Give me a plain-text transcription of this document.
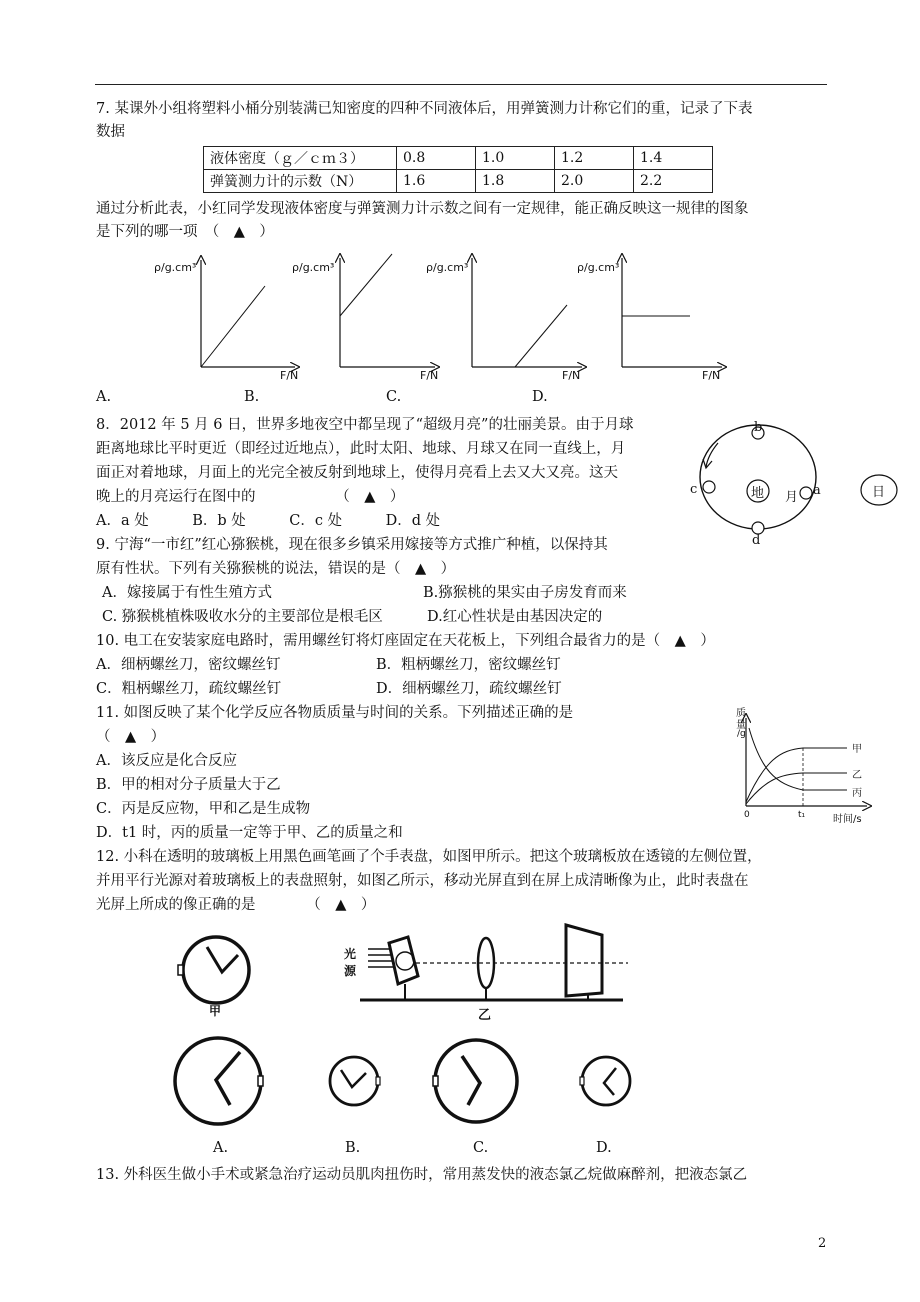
7. 某课外小组将塑料小桶分别装满已知密度的四种不同液体后，用弹簧测力计称它们的重，记录了下表
数据
液体密度（ｇ／ｃｍ３）	0.8	1.0	1.2	1.4
弹簧测力计的示数（N）	1.6	1.8	2.0	2.2
通过分析此表，小红同学发现液体密度与弹簧测力计示数之间有一定规律，能正确反映这一规律的图象
是下列的哪一项　（　▲　）
ρ/g.cm³	ρ/g.cm³	ρ/g.cm³	ρ/g.cm³
F/N	F/N	F/N	F/N
A.	B.	C.	D.
8．2012 年 5 月 6 日，世界多地夜空中都呈现了“超级月亮”的壮丽美景。由于月球
距离地球比平时更近（即经过近地点），此时太阳、地球、月球又在同一直线上，月
面正对着地球，月面上的光完全被反射到地球上，使得月亮看上去又大又亮。这天
晚上的月亮运行在图中的　　　　　　（　▲　）
A．a 处　　　B．b 处　　　C．c 处　　　D．d 处
b
c
d
a
地 月	日
9. 宁海“一市红”红心猕猴桃，现在很多乡镇采用嫁接等方式推广种植，以保持其
原有性状。下列有关猕猴桃的说法，错误的是（　▲　）
A．嫁接属于有性生殖方式	B.猕猴桃的果实由子房发育而来
C. 猕猴桃植株吸收水分的主要部位是根毛区	D.红心性状是由基因决定的
10. 电工在安装家庭电路时，需用螺丝钉将灯座固定在天花板上，下列组合最省力的是（　▲　）
A．细柄螺丝刀，密纹螺丝钉	B．粗柄螺丝刀，密纹螺丝钉
C．粗柄螺丝刀，疏纹螺丝钉	D．细柄螺丝刀，疏纹螺丝钉
11. 如图反映了某个化学反应各物质质量与时间的关系。下列描述正确的是
（　▲　）
A．该反应是化合反应
B．甲的相对分子质量大于乙
C．丙是反应物，甲和乙是生成物
D．t1 时，丙的质量一定等于甲、乙的质量之和
质
量
/g
0	t₁	时间/s
甲
乙
丙
12. 小科在透明的玻璃板上用黑色画笔画了个手表盘，如图甲所示。把这个玻璃板放在透镜的左侧位置，
并用平行光源对着玻璃板上的表盘照射，如图乙所示，移动光屏直到在屏上成清晰像为止，此时表盘在
光屏上所成的像正确的是　　　　（　▲　）
甲	乙
光
源
A.	B.	C.	D.
13. 外科医生做小手术或紧急治疗运动员肌肉扭伤时，常用蒸发快的液态氯乙烷做麻醉剂，把液态氯乙
2
